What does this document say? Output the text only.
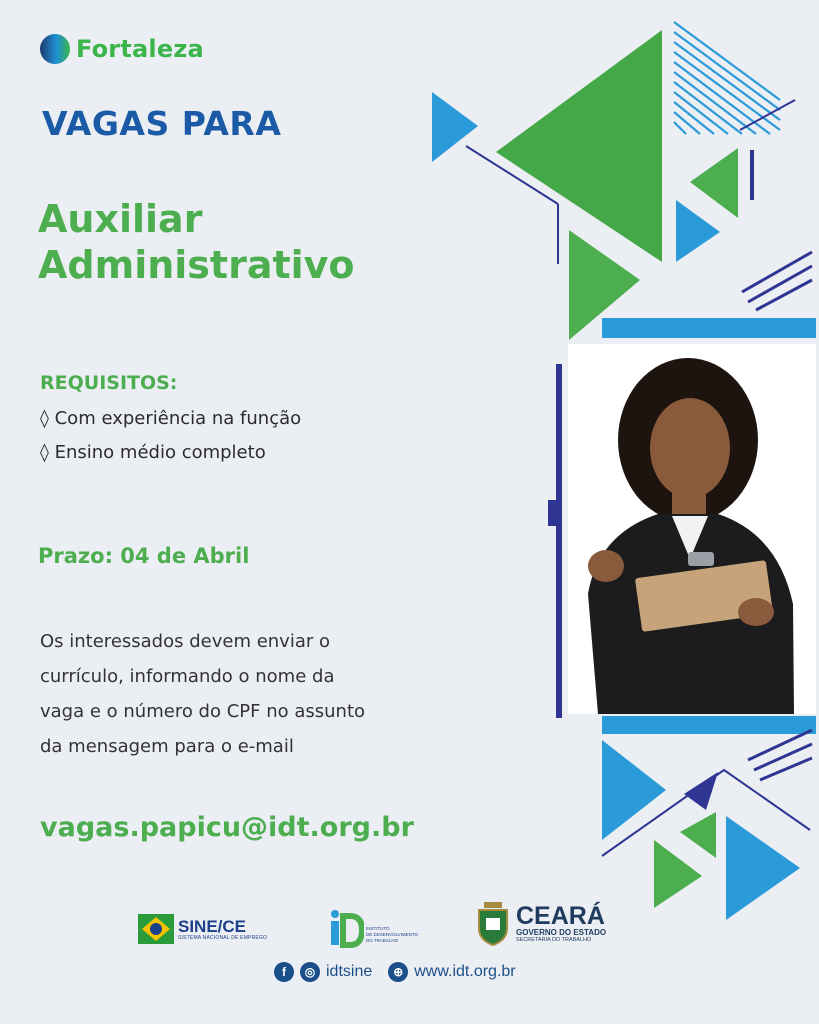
Fortaleza
VAGAS PARA
Auxiliar
Administrativo
REQUISITOS:
◊ Com experiência na função
◊ Ensino médio completo
Prazo: 04 de Abril
Os interessados devem enviar o
currículo, informando o nome da
vaga e o número do CPF no assunto
da mensagem para o e-mail
vagas.papicu@idt.org.br
SINE/CE
SISTEMA NACIONAL DE EMPREGO
INSTITUTO
DE DESENVOLVIMENTO
DO TRABALHO
CEARÁ
GOVERNO DO ESTADO
SECRETARIA DO TRABALHO
f	◎ idtsine	⊕ www.idt.org.br
